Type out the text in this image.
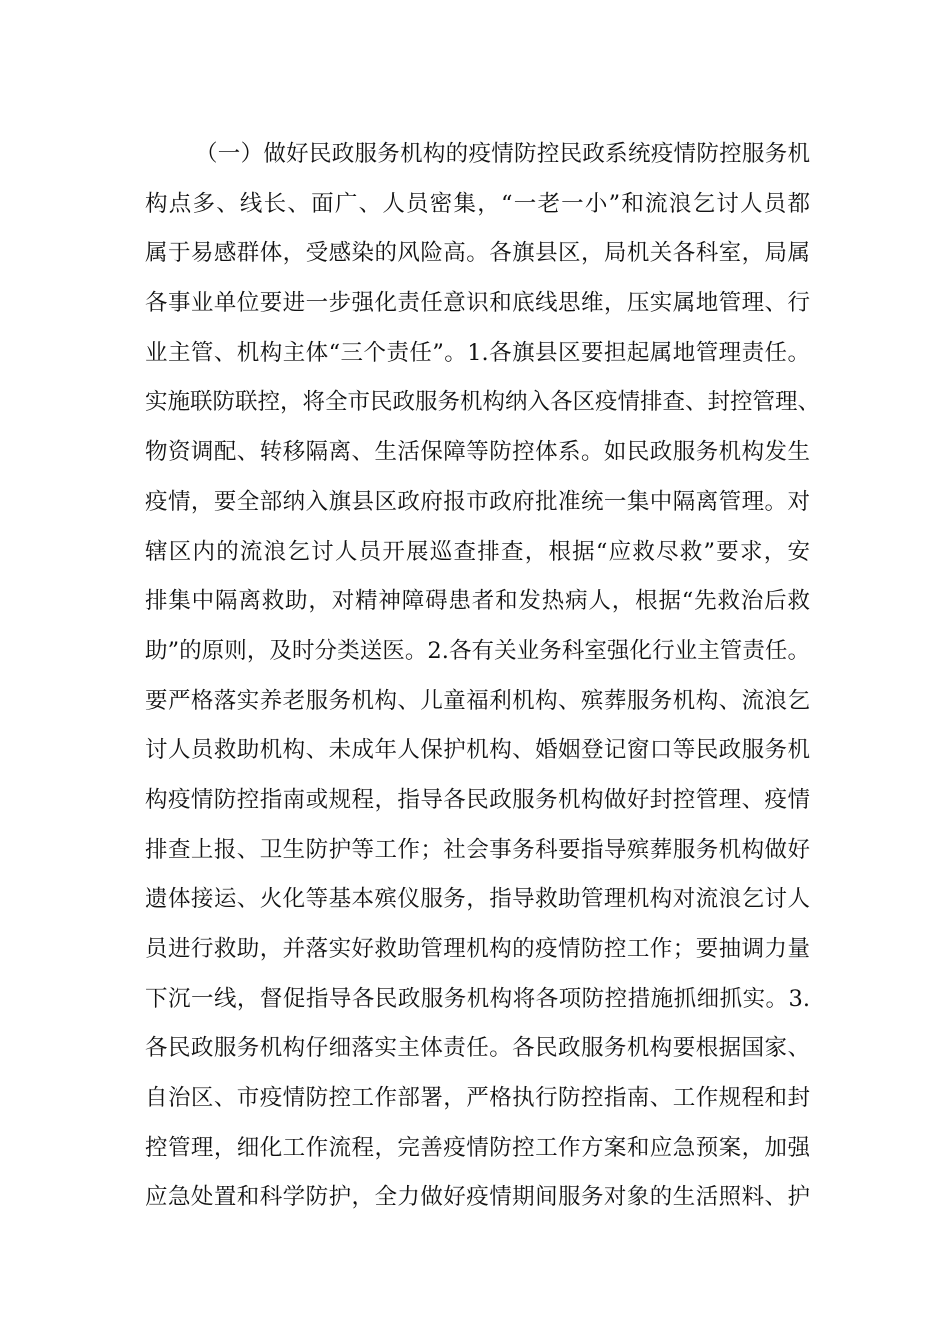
（一）做好民政服务机构的疫情防控民政系统疫情防控服务机
构点多、线长、面广、人员密集，“一老一小”和流浪乞讨人员都
属于易感群体，受感染的风险高。各旗县区，局机关各科室，局属
各事业单位要进一步强化责任意识和底线思维，压实属地管理、行
业主管、机构主体“三个责任”。1.各旗县区要担起属地管理责任。
实施联防联控，将全市民政服务机构纳入各区疫情排查、封控管理、
物资调配、转移隔离、生活保障等防控体系。如民政服务机构发生
疫情，要全部纳入旗县区政府报市政府批准统一集中隔离管理。对
辖区内的流浪乞讨人员开展巡查排查，根据“应救尽救”要求，安
排集中隔离救助，对精神障碍患者和发热病人，根据“先救治后救
助”的原则，及时分类送医。2.各有关业务科室强化行业主管责任。
要严格落实养老服务机构、儿童福利机构、殡葬服务机构、流浪乞
讨人员救助机构、未成年人保护机构、婚姻登记窗口等民政服务机
构疫情防控指南或规程，指导各民政服务机构做好封控管理、疫情
排查上报、卫生防护等工作；社会事务科要指导殡葬服务机构做好
遗体接运、火化等基本殡仪服务，指导救助管理机构对流浪乞讨人
员进行救助，并落实好救助管理机构的疫情防控工作；要抽调力量
下沉一线，督促指导各民政服务机构将各项防控措施抓细抓实。3.
各民政服务机构仔细落实主体责任。各民政服务机构要根据国家、
自治区、市疫情防控工作部署，严格执行防控指南、工作规程和封
控管理，细化工作流程，完善疫情防控工作方案和应急预案，加强
应急处置和科学防护，全力做好疫情期间服务对象的生活照料、护
